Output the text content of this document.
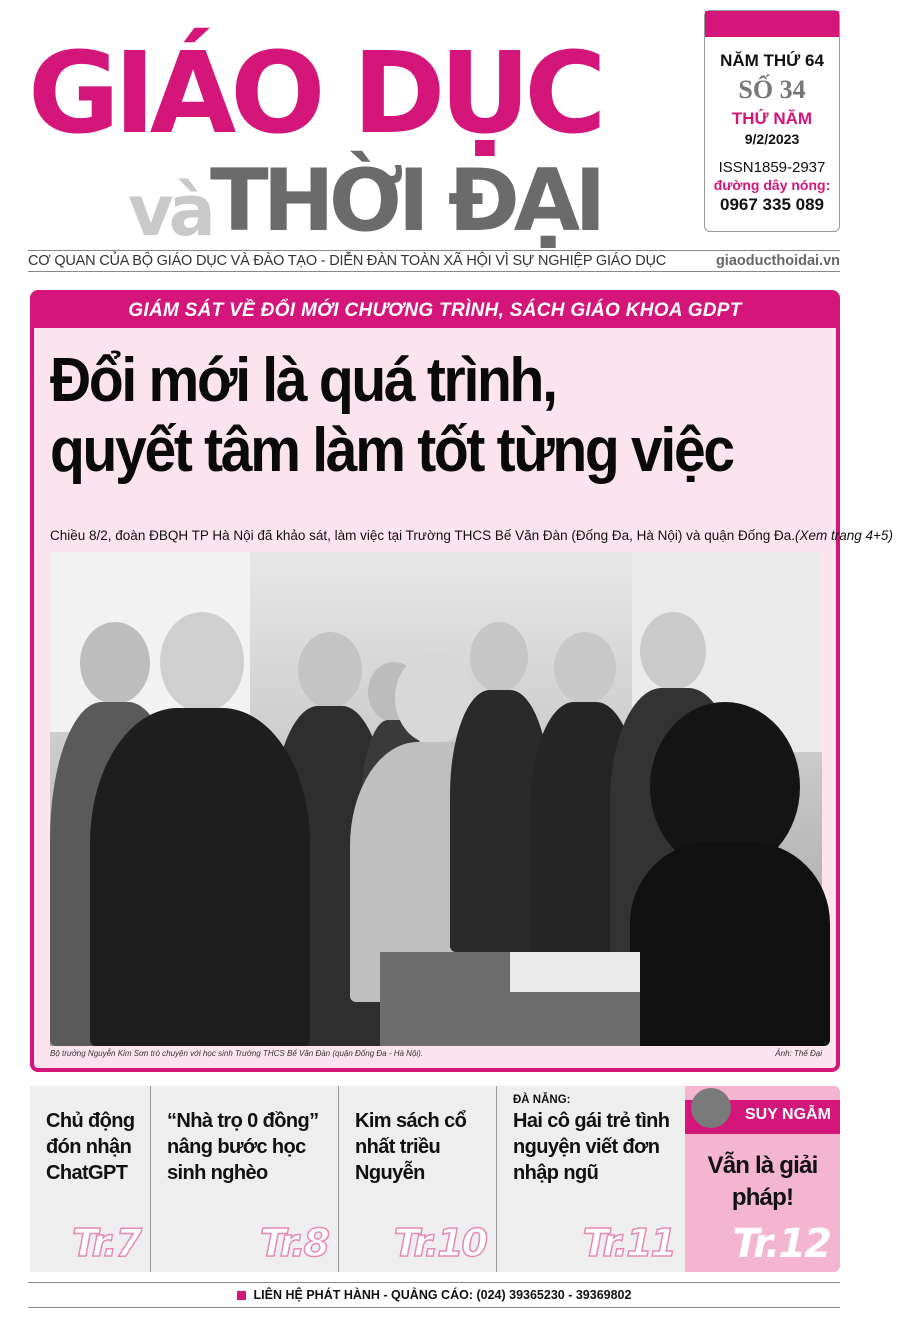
GIÁO DỤC
và THỜI ĐẠI
NĂM THỨ 64
SỐ 34
THỨ NĂM
9/2/2023
ISSN1859-2937
đường dây nóng:
0967 335 089
CƠ QUAN CỦA BỘ GIÁO DỤC VÀ ĐÀO TẠO - DIỄN ĐÀN TOÀN XÃ HỘI VÌ SỰ NGHIỆP GIÁO DỤC	giaoducthoidai.vn
GIÁM SÁT VỀ ĐỔI MỚI CHƯƠNG TRÌNH, SÁCH GIÁO KHOA GDPT
Đổi mới là quá trình,
quyết tâm làm tốt từng việc
Chiều 8/2, đoàn ĐBQH TP Hà Nội đã khảo sát, làm việc tại Trường THCS Bế Văn Đàn (Đống Đa, Hà Nội) và quận Đống Đa. (Xem trang 4+5)
Bộ trưởng Nguyễn Kim Sơn trò chuyện với học sinh Trường THCS Bế Văn Đàn (quận Đống Đa - Hà Nội).	Ảnh: Thế Đại
Chủ động đón nhận ChatGPT
Tr.7
“Nhà trọ 0 đồng” nâng bước học sinh nghèo
Tr.8
Kim sách cổ nhất triều Nguyễn
Tr.10
ĐÀ NẴNG:
Hai cô gái trẻ tình nguyện viết đơn nhập ngũ
Tr.11
SUY NGẪM
Vẫn là giải pháp!
Tr.12
LIÊN HỆ PHÁT HÀNH - QUẢNG CÁO: (024) 39365230 - 39369802
